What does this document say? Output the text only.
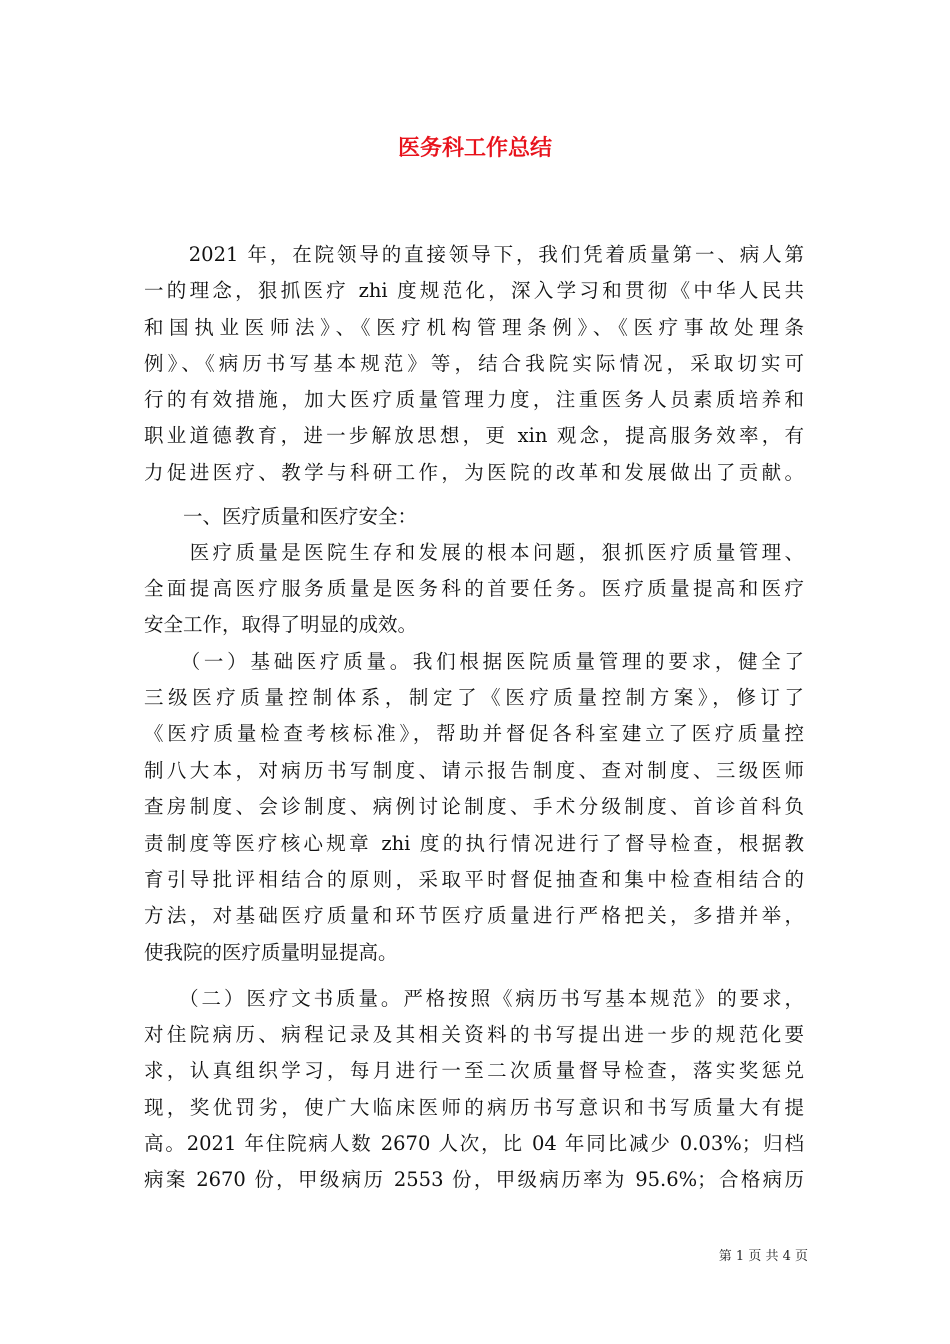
医务科工作总结

　　2021 年，在院领导的直接领导下，我们凭着质量第一、病人第

一的理念，狠抓医疗 zhi 度规范化，深入学习和贯彻《中华人民共

和国执业医师法》、《医疗机构管理条例》、《医疗事故处理条

例》、《病历书写基本规范》等，结合我院实际情况，采取切实可

行的有效措施，加大医疗质量管理力度，注重医务人员素质培养和

职业道德教育，进一步解放思想，更 xin 观念，提高服务效率，有

力促进医疗、教学与科研工作，为医院的改革和发展做出了贡献。

　　一、医疗质量和医疗安全：

　　医疗质量是医院生存和发展的根本问题，狠抓医疗质量管理、

全面提高医疗服务质量是医务科的首要任务。医疗质量提高和医疗

安全工作，取得了明显的成效。

　　（一）基础医疗质量。我们根据医院质量管理的要求，健全了

三级医疗质量控制体系，制定了《医疗质量控制方案》，修订了

《医疗质量检查考核标准》，帮助并督促各科室建立了医疗质量控

制八大本，对病历书写制度、请示报告制度、查对制度、三级医师

查房制度、会诊制度、病例讨论制度、手术分级制度、首诊首科负

责制度等医疗核心规章 zhi 度的执行情况进行了督导检查，根据教

育引导批评相结合的原则，采取平时督促抽查和集中检查相结合的

方法，对基础医疗质量和环节医疗质量进行严格把关，多措并举，

使我院的医疗质量明显提高。

　　（二）医疗文书质量。严格按照《病历书写基本规范》的要求，

对住院病历、病程记录及其相关资料的书写提出进一步的规范化要

求，认真组织学习，每月进行一至二次质量督导检查，落实奖惩兑

现，奖优罚劣，使广大临床医师的病历书写意识和书写质量大有提

高。2021 年住院病人数 2670 人次，比 04 年同比减少 0.03%；归档

病案 2670 份，甲级病历 2553 份，甲级病历率为 95.6%；合格病历

第 1 页 共 4 页
